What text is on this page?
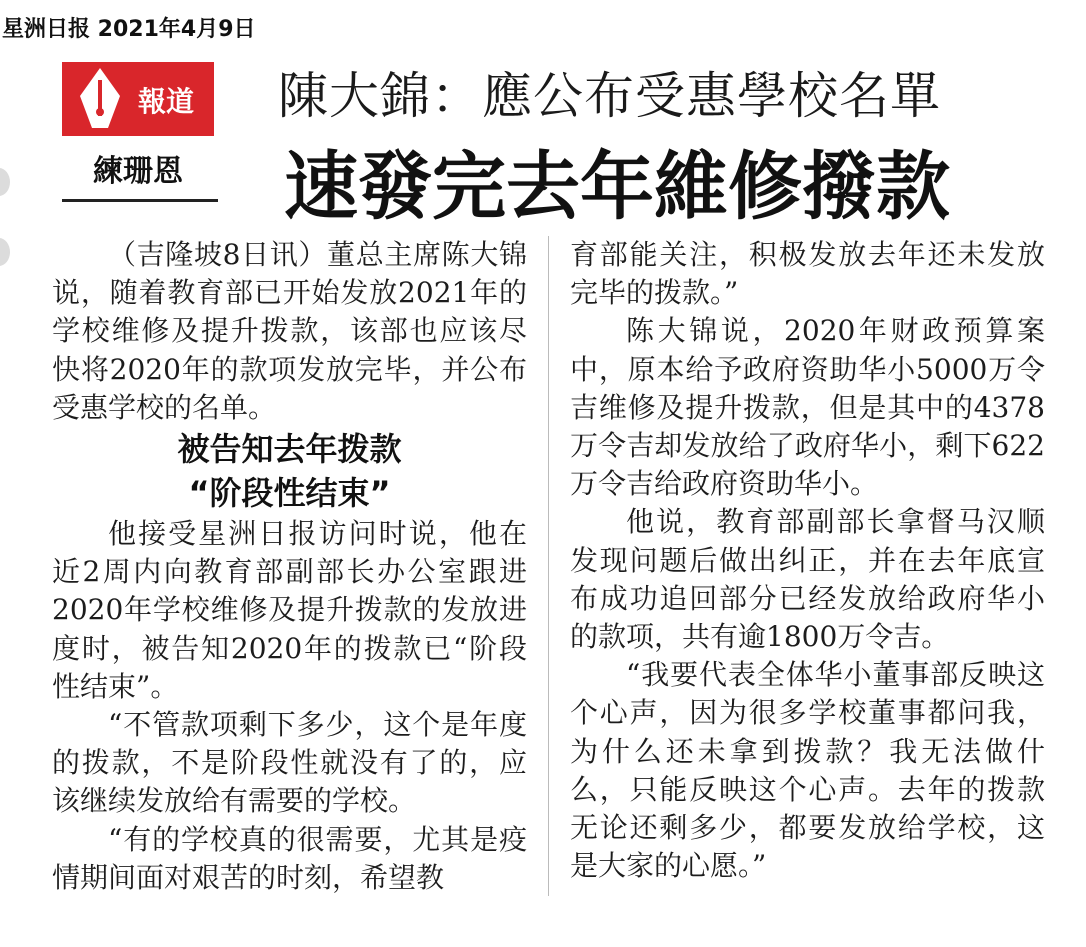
星洲日报 2021年4月9日
報道
練珊恩
陳大錦：應公布受惠學校名單
速發完去年維修撥款

（吉隆坡8日讯）董总主席陈大锦说，随着教育部已开始发放2021年的学校维修及提升拨款，该部也应该尽快将2020年的款项发放完毕，并公布受惠学校的名单。

被告知去年拨款

“阶段性结束”

他接受星洲日报访问时说，他在近2周内向教育部副部长办公室跟进2020年学校维修及提升拨款的发放进度时，被告知2020年的拨款已“阶段性结束”。

“不管款项剩下多少，这个是年度的拨款，不是阶段性就没有了的，应该继续发放给有需要的学校。

“有的学校真的很需要，尤其是疫情期间面对艰苦的时刻，希望教

育部能关注，积极发放去年还未发放完毕的拨款。”

陈大锦说，2020年财政预算案中，原本给予政府资助华小5000万令吉维修及提升拨款，但是其中的4378万令吉却发放给了政府华小，剩下622万令吉给政府资助华小。

他说，教育部副部长拿督马汉顺发现问题后做出纠正，并在去年底宣布成功追回部分已经发放给政府华小的款项，共有逾1800万令吉。

“我要代表全体华小董事部反映这个心声，因为很多学校董事都问我，为什么还未拿到拨款？我无法做什么，只能反映这个心声。去年的拨款无论还剩多少，都要发放给学校，这是大家的心愿。”
